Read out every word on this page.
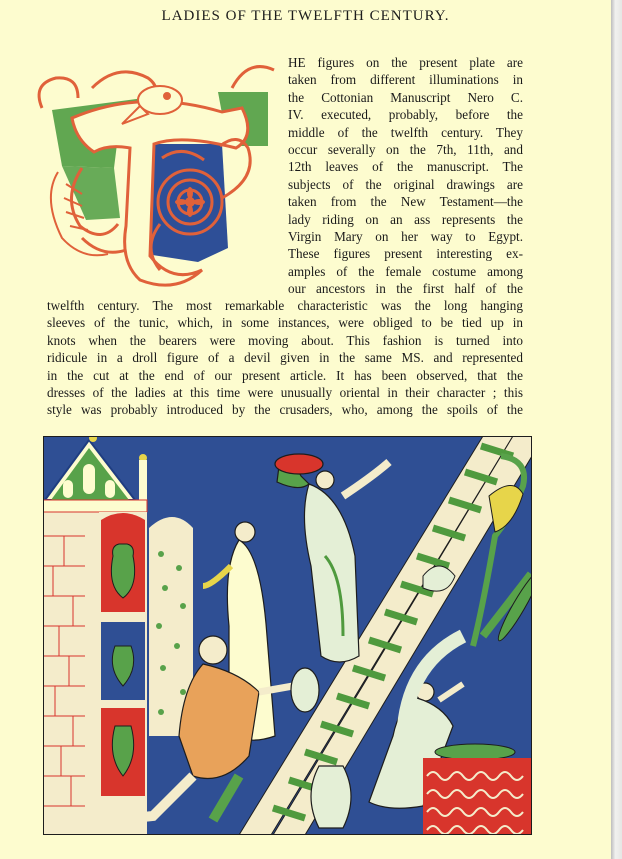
LADIES OF THE TWELFTH CENTURY.
HE figures on the present plate are
taken from different illuminations in
the Cottonian Manuscript Nero C.
IV. executed, probably, before the
middle of the twelfth century. They
occur severally on the 7th, 11th, and
12th leaves of the manuscript. The
subjects of the original drawings are
taken from the New Testament—the
lady riding on an ass represents the
Virgin Mary on her way to Egypt.
These figures present interesting ex-
amples of the female costume among
our ancestors in the first half of the
twelfth century. The most remarkable characteristic was the long hanging
sleeves of the tunic, which, in some instances, were obliged to be tied up in
knots when the bearers were moving about. This fashion is turned into
ridicule in a droll figure of a devil given in the same MS. and represented
in the cut at the end of our present article. It has been observed, that the
dresses of the ladies at this time were unusually oriental in their character ; this
style was probably introduced by the crusaders, who, among the spoils of the
